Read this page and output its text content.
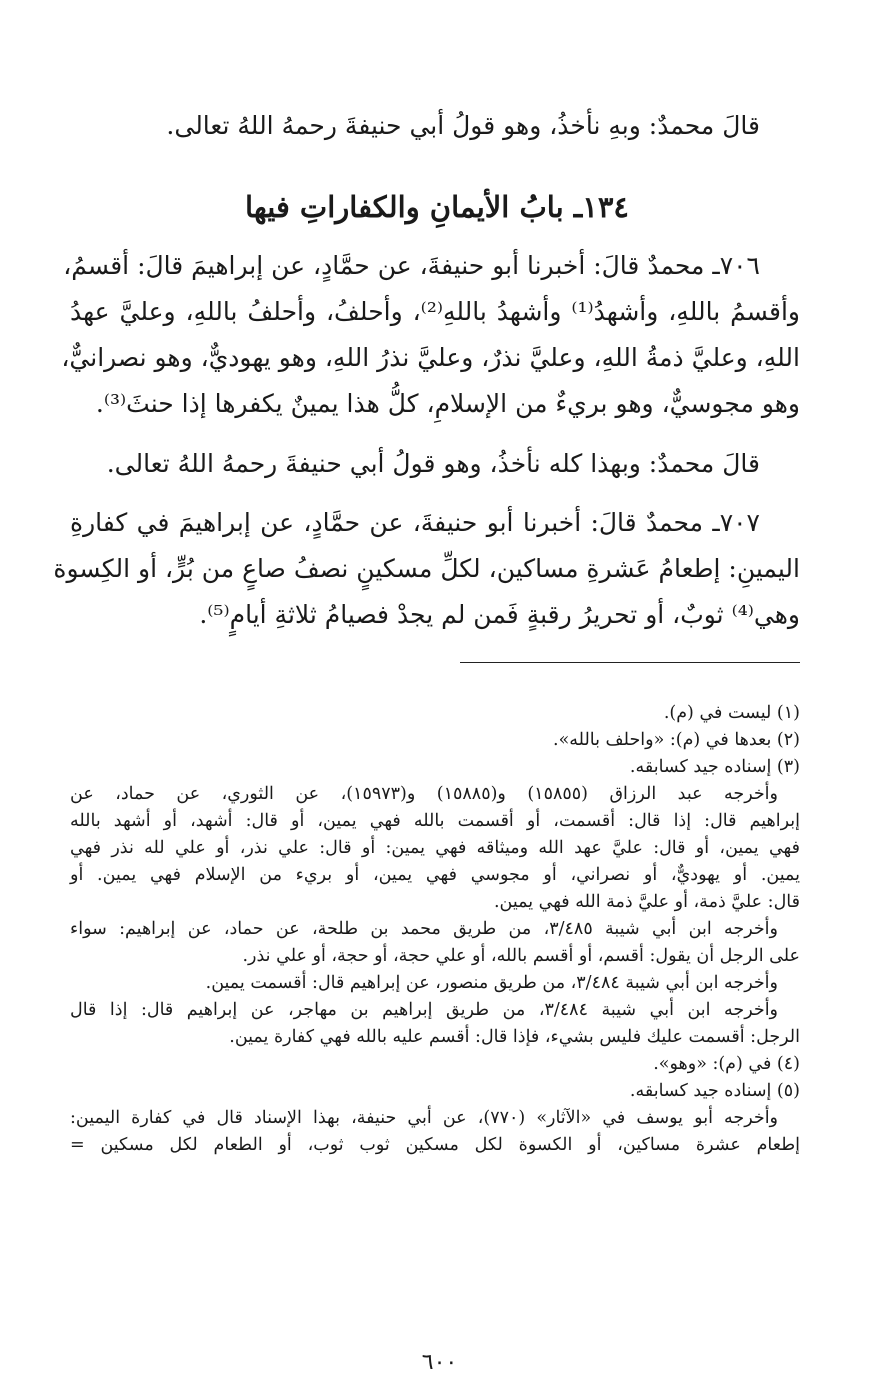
قالَ محمدٌ: وبهِ نأخذُ، وهو قولُ أبي حنيفةَ رحمهُ اللهُ تعالى.
١٣٤ـ بابُ الأيمانِ والكفاراتِ فيها
٧٠٦ـ محمدٌ قالَ: أخبرنا أبو حنيفةَ، عن حمَّادٍ، عن إبراهيمَ قالَ: أقسمُ،
وأقسمُ باللهِ، وأشهدُ⁽¹⁾ وأشهدُ باللهِ⁽²⁾، وأحلفُ، وأحلفُ باللهِ، وعليَّ عهدُ
اللهِ، وعليَّ ذمةُ اللهِ، وعليَّ نذرٌ، وعليَّ نذرُ اللهِ، وهو يهوديٌّ، وهو نصرانيٌّ،
وهو مجوسيٌّ، وهو بريءٌ من الإسلامِ، كلُّ هذا يمينٌ يكفرها إذا حنثَ⁽³⁾.
قالَ محمدٌ: وبهذا كله نأخذُ، وهو قولُ أبي حنيفةَ رحمهُ اللهُ تعالى.
٧٠٧ـ محمدٌ قالَ: أخبرنا أبو حنيفةَ، عن حمَّادٍ، عن إبراهيمَ في كفارةِ
اليمينِ: إطعامُ عَشرةِ مساكين، لكلِّ مسكينٍ نصفُ صاعٍ من بُرٍّ، أو الكِسوة
وهي⁽⁴⁾ ثوبٌ، أو تحريرُ رقبةٍ فَمن لم يجدْ فصيامُ ثلاثةِ أيامٍ⁽⁵⁾.
(١) ليست في (م).
(٢) بعدها في (م): «واحلف بالله».
(٣) إسناده جيد كسابقه.
وأخرجه عبد الرزاق (١٥٨٥٥) و(١٥٨٨٥) و(١٥٩٧٣)، عن الثوري، عن حماد، عن
إبراهيم قال: إذا قال: أقسمت، أو أقسمت بالله فهي يمين، أو قال: أشهد، أو أشهد بالله
فهي يمين، أو قال: عليَّ عهد الله وميثاقه فهي يمين: أو قال: علي نذر، أو علي لله نذر فهي
يمين. أو يهوديٌّ، أو نصراني، أو مجوسي فهي يمين، أو بريء من الإسلام فهي يمين. أو
قال: عليَّ ذمة، أو عليَّ ذمة الله فهي يمين.
وأخرجه ابن أبي شيبة ٣/٤٨٥، من طريق محمد بن طلحة، عن حماد، عن إبراهيم: سواء
على الرجل أن يقول: أقسم، أو أقسم بالله، أو علي حجة، أو حجة، أو علي نذر.
وأخرجه ابن أبي شيبة ٣/٤٨٤، من طريق منصور، عن إبراهيم قال: أقسمت يمين.
وأخرجه ابن أبي شيبة ٣/٤٨٤، من طريق إبراهيم بن مهاجر، عن إبراهيم قال: إذا قال
الرجل: أقسمت عليك فليس بشيء، فإذا قال: أقسم عليه بالله فهي كفارة يمين.
(٤) في (م): «وهو».
(٥) إسناده جيد كسابقه.
وأخرجه أبو يوسف في «الآثار» (٧٧٠)، عن أبي حنيفة، بهذا الإسناد قال في كفارة اليمين:
إطعام عشرة مساكين، أو الكسوة لكل مسكين ثوب ثوب، أو الطعام لكل مسكين =
٦٠٠
